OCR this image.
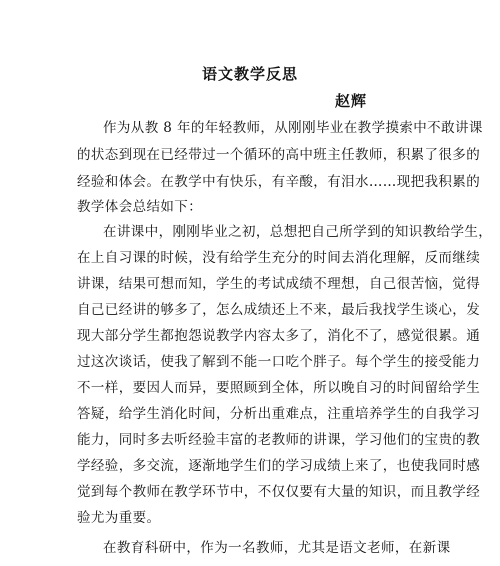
语文教学反思
赵辉
作为从教 8 年的年轻教师，从刚刚毕业在教学摸索中不敢讲课
的状态到现在已经带过一个循环的高中班主任教师，积累了很多的
经验和体会。在教学中有快乐，有辛酸，有泪水……现把我积累的
教学体会总结如下：
在讲课中，刚刚毕业之初，总想把自己所学到的知识教给学生，
在上自习课的时候，没有给学生充分的时间去消化理解，反而继续
讲课，结果可想而知，学生的考试成绩不理想，自己很苦恼，觉得
自己已经讲的够多了，怎么成绩还上不来，最后我找学生谈心，发
现大部分学生都抱怨说教学内容太多了，消化不了，感觉很累。通
过这次谈话，使我了解到不能一口吃个胖子。每个学生的接受能力
不一样，要因人而异，要照顾到全体，所以晚自习的时间留给学生
答疑，给学生消化时间，分析出重难点，注重培养学生的自我学习
能力，同时多去听经验丰富的老教师的讲课，学习他们的宝贵的教
学经验，多交流，逐渐地学生们的学习成绩上来了，也使我同时感
觉到每个教师在教学环节中，不仅仅要有大量的知识，而且教学经
验尤为重要。
在教育科研中，作为一名教师，尤其是语文老师，在新课
